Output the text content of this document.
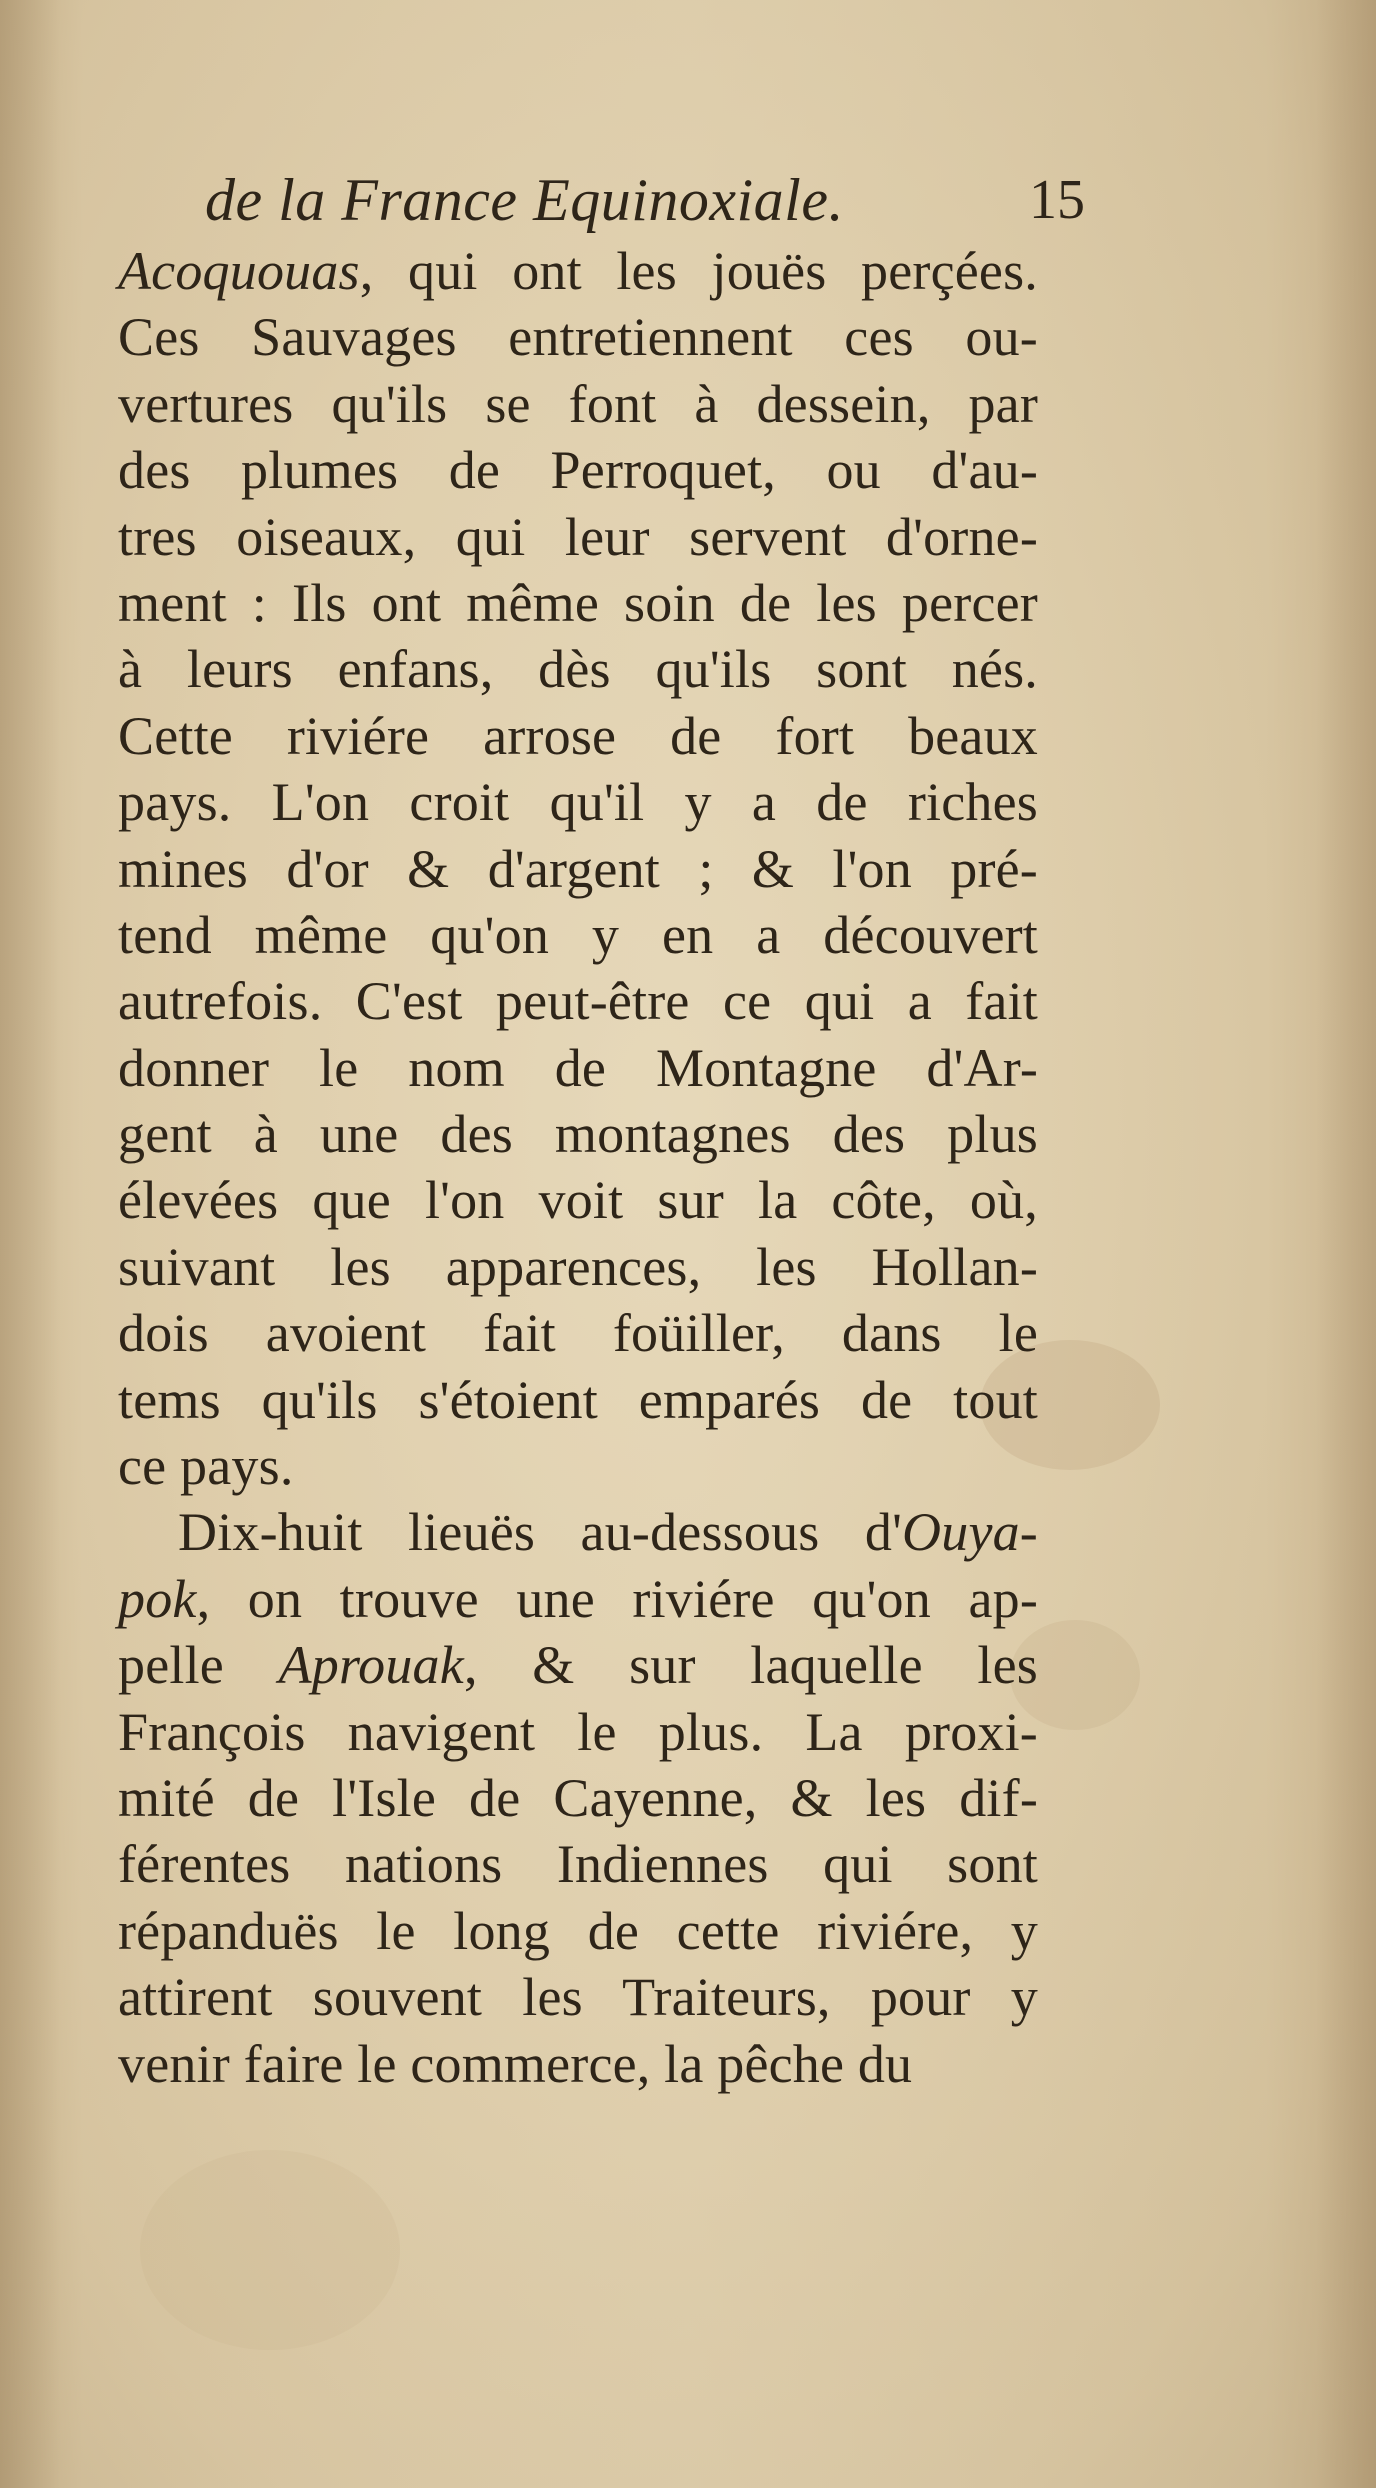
de la France Equinoxiale.	15
Acoquouas, qui ont les jouës perçées.
Ces Sauvages entretiennent ces ou-
vertures qu'ils se font à dessein, par
des plumes de Perroquet, ou d'au-
tres oiseaux, qui leur servent d'orne-
ment : Ils ont même soin de les percer
à leurs enfans, dès qu'ils sont nés.
Cette riviére arrose de fort beaux
pays. L'on croit qu'il y a de riches
mines d'or & d'argent ; & l'on pré-
tend même qu'on y en a découvert
autrefois. C'est peut-être ce qui a fait
donner le nom de Montagne d'Ar-
gent à une des montagnes des plus
élevées que l'on voit sur la côte, où,
suivant les apparences, les Hollan-
dois avoient fait foüiller, dans le
tems qu'ils s'étoient emparés de tout
ce pays.
Dix-huit lieuës au-dessous d'Ouya-
pok, on trouve une riviére qu'on ap-
pelle Aprouak, & sur laquelle les
François navigent le plus. La proxi-
mité de l'Isle de Cayenne, & les dif-
férentes nations Indiennes qui sont
répanduës le long de cette riviére, y
attirent souvent les Traiteurs, pour y
venir faire le commerce, la pêche du
